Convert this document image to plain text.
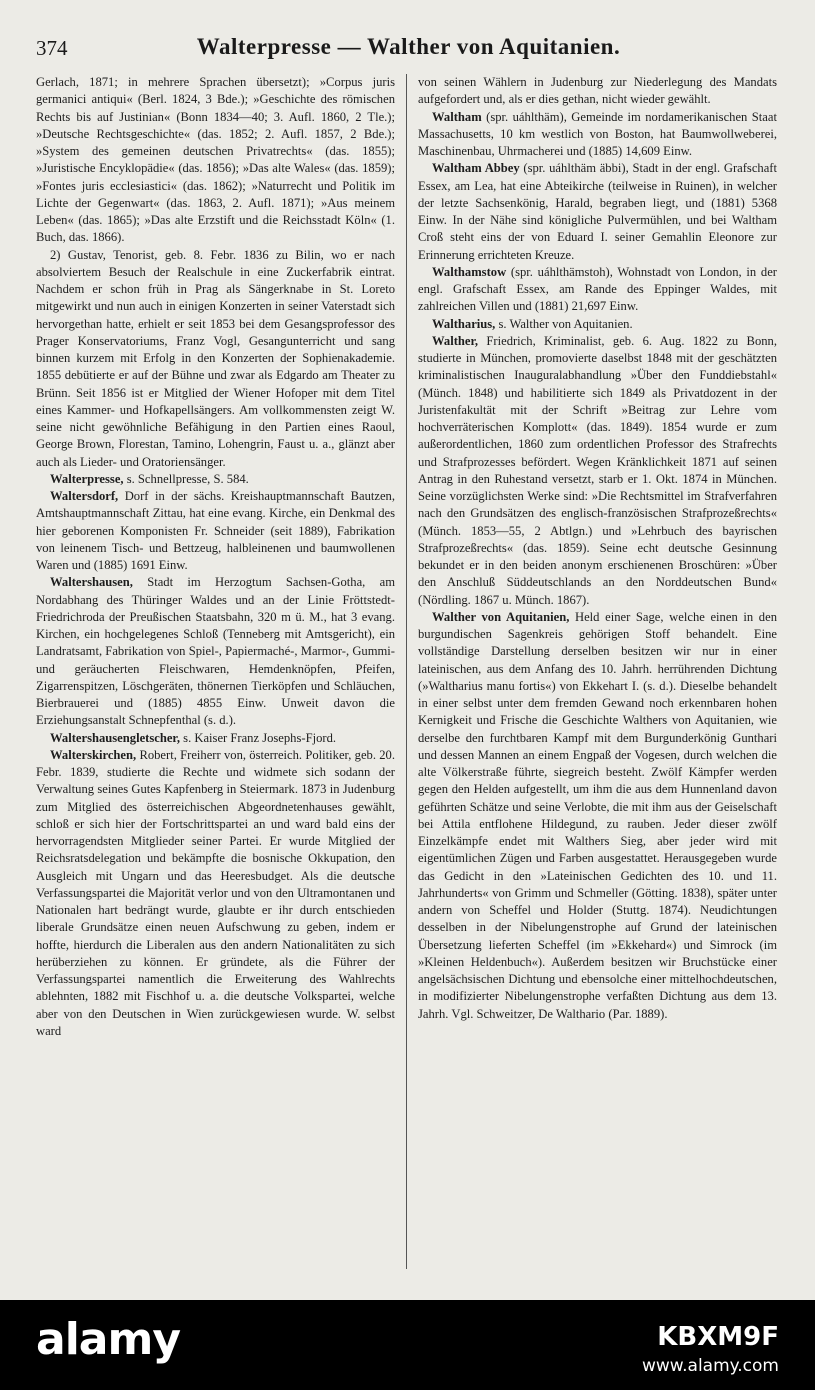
374	Walterpresse — Walther von Aquitanien.

Gerlach, 1871; in mehrere Sprachen übersetzt); »Corpus juris germanici antiqui« (Berl. 1824, 3 Bde.); »Geschichte des römischen Rechts bis auf Justinian« (Bonn 1834—40; 3. Aufl. 1860, 2 Tle.); »Deutsche Rechtsgeschichte« (das. 1852; 2. Aufl. 1857, 2 Bde.); »System des gemeinen deutschen Privatrechts« (das. 1855); »Juristische Encyklopädie« (das. 1856); »Das alte Wales« (das. 1859); »Fontes juris ecclesiastici« (das. 1862); »Naturrecht und Politik im Lichte der Gegenwart« (das. 1863, 2. Aufl. 1871); »Aus meinem Leben« (das. 1865); »Das alte Erzstift und die Reichsstadt Köln« (1. Buch, das. 1866).

2) Gustav, Tenorist, geb. 8. Febr. 1836 zu Bilin, wo er nach absolviertem Besuch der Realschule in eine Zuckerfabrik eintrat. Nachdem er schon früh in Prag als Sängerknabe in St. Loreto mitgewirkt und nun auch in einigen Konzerten in seiner Vaterstadt sich hervorgethan hatte, erhielt er seit 1853 bei dem Gesangsprofessor des Prager Konservatoriums, Franz Vogl, Gesangunterricht und sang binnen kurzem mit Erfolg in den Konzerten der Sophienakademie. 1855 debütierte er auf der Bühne und zwar als Edgardo am Theater zu Brünn. Seit 1856 ist er Mitglied der Wiener Hofoper mit dem Titel eines Kammer- und Hofkapellsängers. Am vollkommensten zeigt W. seine nicht gewöhnliche Befähigung in den Partien eines Raoul, George Brown, Florestan, Tamino, Lohengrin, Faust u. a., glänzt aber auch als Lieder- und Oratoriensänger.

Walterpresse, s. Schnellpresse, S. 584.

Waltersdorf, Dorf in der sächs. Kreishauptmannschaft Bautzen, Amtshauptmannschaft Zittau, hat eine evang. Kirche, ein Denkmal des hier geborenen Komponisten Fr. Schneider (seit 1889), Fabrikation von leinenem Tisch- und Bettzeug, halbleinenen und baumwollenen Waren und (1885) 1691 Einw.

Waltershausen, Stadt im Herzogtum Sachsen-Gotha, am Nordabhang des Thüringer Waldes und an der Linie Fröttstedt-Friedrichroda der Preußischen Staatsbahn, 320 m ü. M., hat 3 evang. Kirchen, ein hochgelegenes Schloß (Tenneberg mit Amtsgericht), ein Landratsamt, Fabrikation von Spiel-, Papiermaché-, Marmor-, Gummi- und geräucherten Fleischwaren, Hemdenknöpfen, Pfeifen, Zigarrenspitzen, Löschgeräten, thönernen Tierköpfen und Schläuchen, Bierbrauerei und (1885) 4855 Einw. Unweit davon die Erziehungsanstalt Schnepfenthal (s. d.).

Waltershausengletscher, s. Kaiser Franz Josephs-Fjord.

Walterskirchen, Robert, Freiherr von, österreich. Politiker, geb. 20. Febr. 1839, studierte die Rechte und widmete sich sodann der Verwaltung seines Gutes Kapfenberg in Steiermark. 1873 in Judenburg zum Mitglied des österreichischen Abgeordnetenhauses gewählt, schloß er sich hier der Fortschrittspartei an und ward bald eins der hervorragendsten Mitglieder seiner Partei. Er wurde Mitglied der Reichsratsdelegation und bekämpfte die bosnische Okkupation, den Ausgleich mit Ungarn und das Heeresbudget. Als die deutsche Verfassungspartei die Majorität verlor und von den Ultramontanen und Nationalen hart bedrängt wurde, glaubte er ihr durch entschieden liberale Grundsätze einen neuen Aufschwung zu geben, indem er hoffte, hierdurch die Liberalen aus den andern Nationalitäten zu sich herüberziehen zu können. Er gründete, als die Führer der Verfassungspartei namentlich die Erweiterung des Wahlrechts ablehnten, 1882 mit Fischhof u. a. die deutsche Volkspartei, welche aber von den Deutschen in Wien zurückgewiesen wurde. W. selbst ward

von seinen Wählern in Judenburg zur Niederlegung des Mandats aufgefordert und, als er dies gethan, nicht wieder gewählt.

Waltham (spr. uáhlthäm), Gemeinde im nordamerikanischen Staat Massachusetts, 10 km westlich von Boston, hat Baumwollweberei, Maschinenbau, Uhrmacherei und (1885) 14,609 Einw.

Waltham Abbey (spr. uáhlthäm äbbi), Stadt in der engl. Grafschaft Essex, am Lea, hat eine Abteikirche (teilweise in Ruinen), in welcher der letzte Sachsenkönig, Harald, begraben liegt, und (1881) 5368 Einw. In der Nähe sind königliche Pulvermühlen, und bei Waltham Croß steht eins der von Eduard I. seiner Gemahlin Eleonore zur Erinnerung errichteten Kreuze.

Walthamstow (spr. uáhlthämstoh), Wohnstadt von London, in der engl. Grafschaft Essex, am Rande des Eppinger Waldes, mit zahlreichen Villen und (1881) 21,697 Einw.

Waltharius, s. Walther von Aquitanien.

Walther, Friedrich, Kriminalist, geb. 6. Aug. 1822 zu Bonn, studierte in München, promovierte daselbst 1848 mit der geschätzten kriminalistischen Inauguralabhandlung »Über den Funddiebstahl« (Münch. 1848) und habilitierte sich 1849 als Privatdozent in der Juristenfakultät mit der Schrift »Beitrag zur Lehre vom hochverräterischen Komplott« (das. 1849). 1854 wurde er zum außerordentlichen, 1860 zum ordentlichen Professor des Strafrechts und Strafprozesses befördert. Wegen Kränklichkeit 1871 auf seinen Antrag in den Ruhestand versetzt, starb er 1. Okt. 1874 in München. Seine vorzüglichsten Werke sind: »Die Rechtsmittel im Strafverfahren nach den Grundsätzen des englisch-französischen Strafprozeßrechts« (Münch. 1853—55, 2 Abtlgn.) und »Lehrbuch des bayrischen Strafprozeßrechts« (das. 1859). Seine echt deutsche Gesinnung bekundet er in den beiden anonym erschienenen Broschüren: »Über den Anschluß Süddeutschlands an den Norddeutschen Bund« (Nördling. 1867 u. Münch. 1867).

Walther von Aquitanien, Held einer Sage, welche einen in den burgundischen Sagenkreis gehörigen Stoff behandelt. Eine vollständige Darstellung derselben besitzen wir nur in einer lateinischen, aus dem Anfang des 10. Jahrh. herrührenden Dichtung (»Waltharius manu fortis«) von Ekkehart I. (s. d.). Dieselbe behandelt in einer selbst unter dem fremden Gewand noch erkennbaren hohen Kernigkeit und Frische die Geschichte Walthers von Aquitanien, wie derselbe den furchtbaren Kampf mit dem Burgunderkönig Gunthari und dessen Mannen an einem Engpaß der Vogesen, durch welchen die alte Völkerstraße führte, siegreich besteht. Zwölf Kämpfer werden gegen den Helden aufgestellt, um ihm die aus dem Hunnenland davon geführten Schätze und seine Verlobte, die mit ihm aus der Geiselschaft bei Attila entflohene Hildegund, zu rauben. Jeder dieser zwölf Einzelkämpfe endet mit Walthers Sieg, aber jeder wird mit eigentümlichen Zügen und Farben ausgestattet. Herausgegeben wurde das Gedicht in den »Lateinischen Gedichten des 10. und 11. Jahrhunderts« von Grimm und Schmeller (Götting. 1838), später unter andern von Scheffel und Holder (Stuttg. 1874). Neudichtungen desselben in der Nibelungenstrophe auf Grund der lateinischen Übersetzung lieferten Scheffel (im »Ekkehard«) und Simrock (im »Kleinen Heldenbuch«). Außerdem besitzen wir Bruchstücke einer angelsächsischen Dichtung und ebensolche einer mittelhochdeutschen, in modifizierter Nibelungenstrophe verfaßten Dichtung aus dem 13. Jahrh. Vgl. Schweitzer, De Walthario (Par. 1889).

alamy	KBXM9F
www.alamy.com
